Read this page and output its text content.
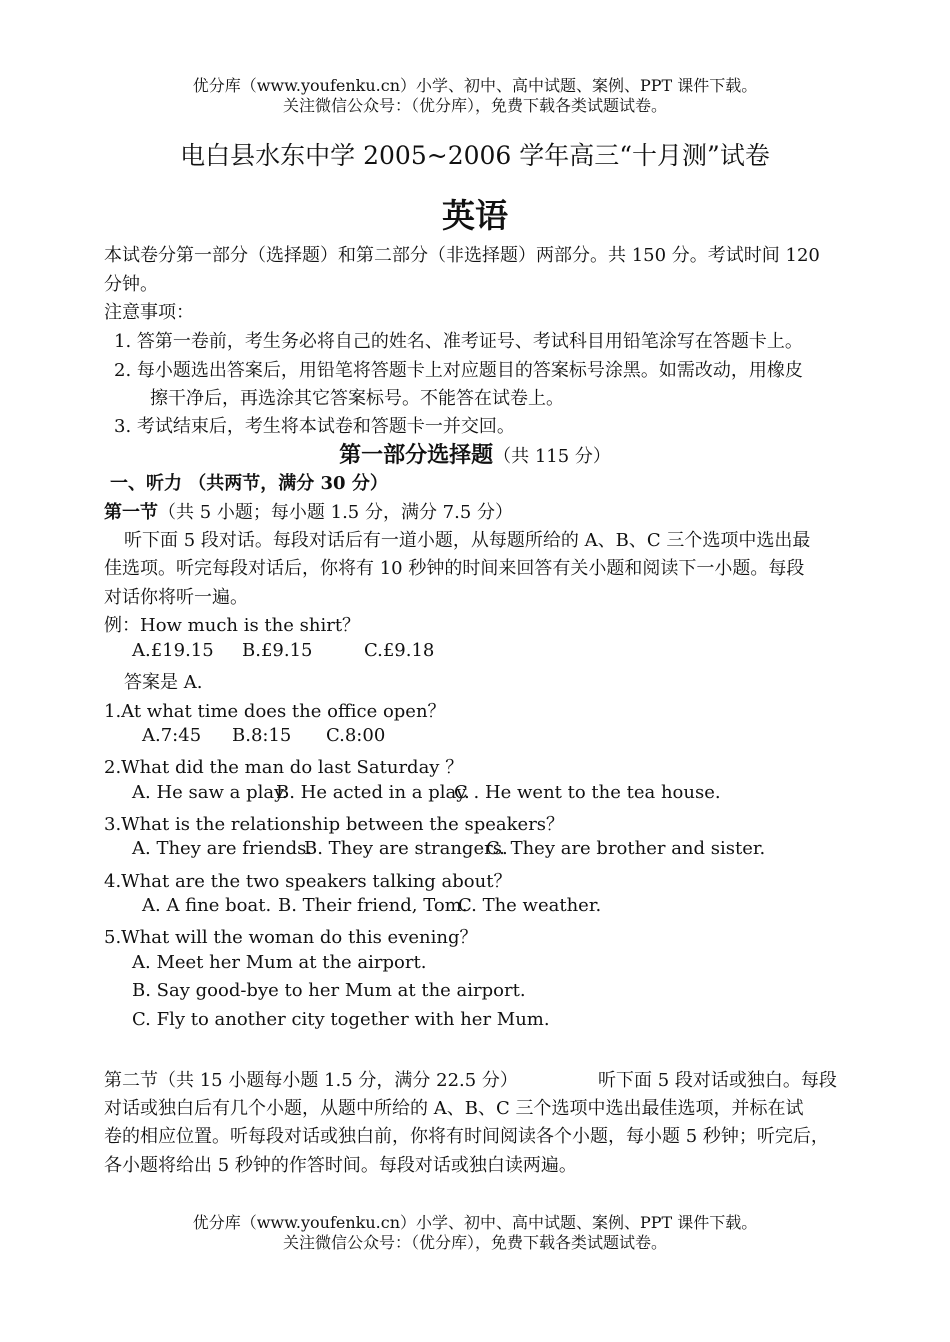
优分库（www.youfenku.cn）小学、初中、高中试题、案例、PPT 课件下载。
关注微信公众号：（优分库），免费下载各类试题试卷。
电白县水东中学 2005~2006 学年高三“十月测”试卷
英语
本试卷分第一部分（选择题）和第二部分（非选择题）两部分。共 150 分。考试时间 120
分钟。
注意事项：
1. 答第一卷前，考生务必将自己的姓名、准考证号、考试科目用铅笔涂写在答题卡上。
2. 每小题选出答案后，用铅笔将答题卡上对应题目的答案标号涂黑。如需改动，用橡皮
擦干净后，再选涂其它答案标号。不能答在试卷上。
3. 考试结束后，考生将本试卷和答题卡一并交回。
第一部分选择题（共 115 分）
一、听力 （共两节，满分 30 分）
第一节（共 5 小题；每小题 1.5 分，满分 7.5 分）
听下面 5 段对话。每段对话后有一道小题，从每题所给的 A、B、C 三个选项中选出最
佳选项。听完每段对话后，你将有 10 秒钟的时间来回答有关小题和阅读下一小题。每段
对话你将听一遍。
例：How much is the shirt？
A.£19.15 B.£9.15	C.£9.18
答案是 A.
1.At what time does the office open？
A.7:45 B.8:15 C.8:00
2.What did the man do last Saturday ？
A. He saw a play.
B. He acted in a play.
C . He went to the tea house.
3.What is the relationship between the speakers？
A. They are friends.
B. They are strangers.
C. They are brother and sister.
4.What are the two speakers talking about？
A. A fine boat. B. Their friend, Tom.
C. The weather.
5.What will the woman do this evening？
A. Meet her Mum at the airport.
B. Say good-bye to her Mum at the airport.
C. Fly to another city together with her Mum.
第二节（共 15 小题每小题 1.5 分，满分 22.5 分）	听下面 5 段对话或独白。每段
对话或独白后有几个小题，从题中所给的 A、B、C 三个选项中选出最佳选项，并标在试
卷的相应位置。听每段对话或独白前，你将有时间阅读各个小题，每小题 5 秒钟；听完后，
各小题将给出 5 秒钟的作答时间。每段对话或独白读两遍。
优分库（www.youfenku.cn）小学、初中、高中试题、案例、PPT 课件下载。
关注微信公众号：（优分库），免费下载各类试题试卷。
